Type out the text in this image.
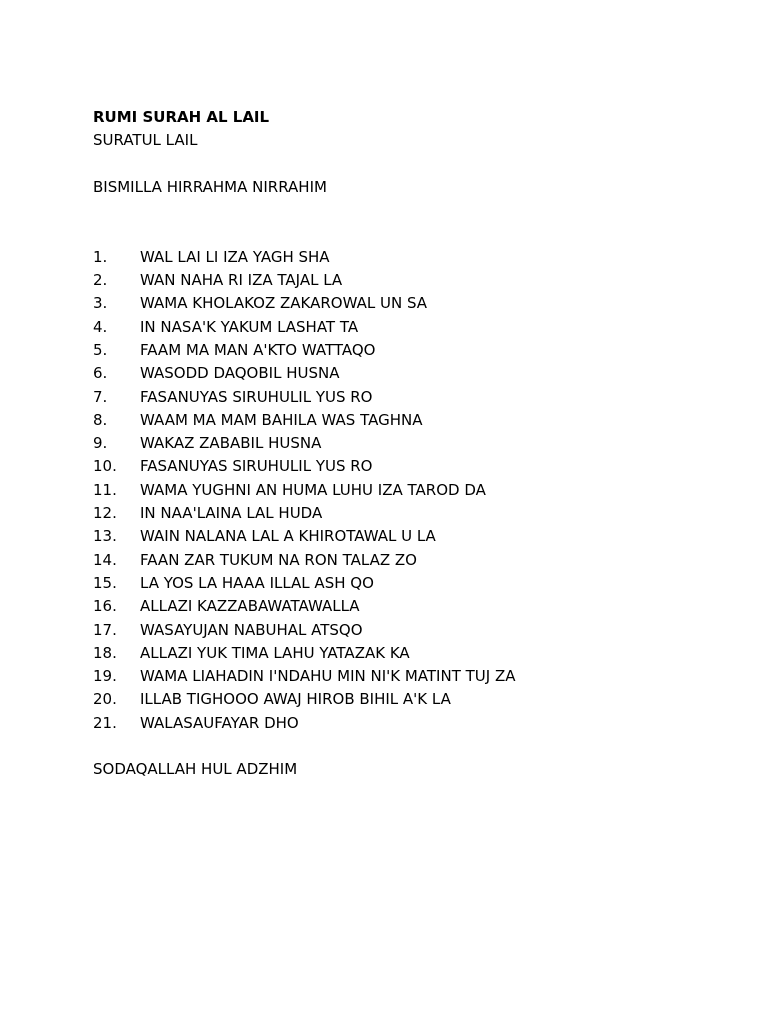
RUMI SURAH AL LAIL
SURATUL LAIL
BISMILLA HIRRAHMA NIRRAHIM
1.	WAL LAI LI IZA YAGH SHA
2.	WAN NAHA RI IZA TAJAL LA
3.	WAMA KHOLAKOZ ZAKAROWAL UN SA
4.	IN NASA'K YAKUM LASHAT TA
5.	FAAM MA MAN A'KTO WATTAQO
6.	WASODD DAQOBIL HUSNA
7.	FASANUYAS SIRUHULIL YUS RO
8.	WAAM MA MAM BAHILA WAS TAGHNA
9.	WAKAZ ZABABIL HUSNA
10.	FASANUYAS SIRUHULIL YUS RO
11.	WAMA YUGHNI AN HUMA LUHU IZA TAROD DA
12.	IN NAA'LAINA LAL HUDA
13.	WAIN NALANA LAL A KHIROTAWAL U LA
14.	FAAN ZAR TUKUM NA RON TALAZ ZO
15.	LA YOS LA HAAA ILLAL ASH QO
16.	ALLAZI KAZZABAWATAWALLA
17.	WASAYUJAN NABUHAL ATSQO
18.	ALLAZI YUK TIMA LAHU YATAZAK KA
19.	WAMA LIAHADIN I'NDAHU MIN NI'K MATINT TUJ ZA
20.	ILLAB TIGHOOO AWAJ HIROB BIHIL A'K LA
21.	WALASAUFAYAR DHO
SODAQALLAH HUL ADZHIM
